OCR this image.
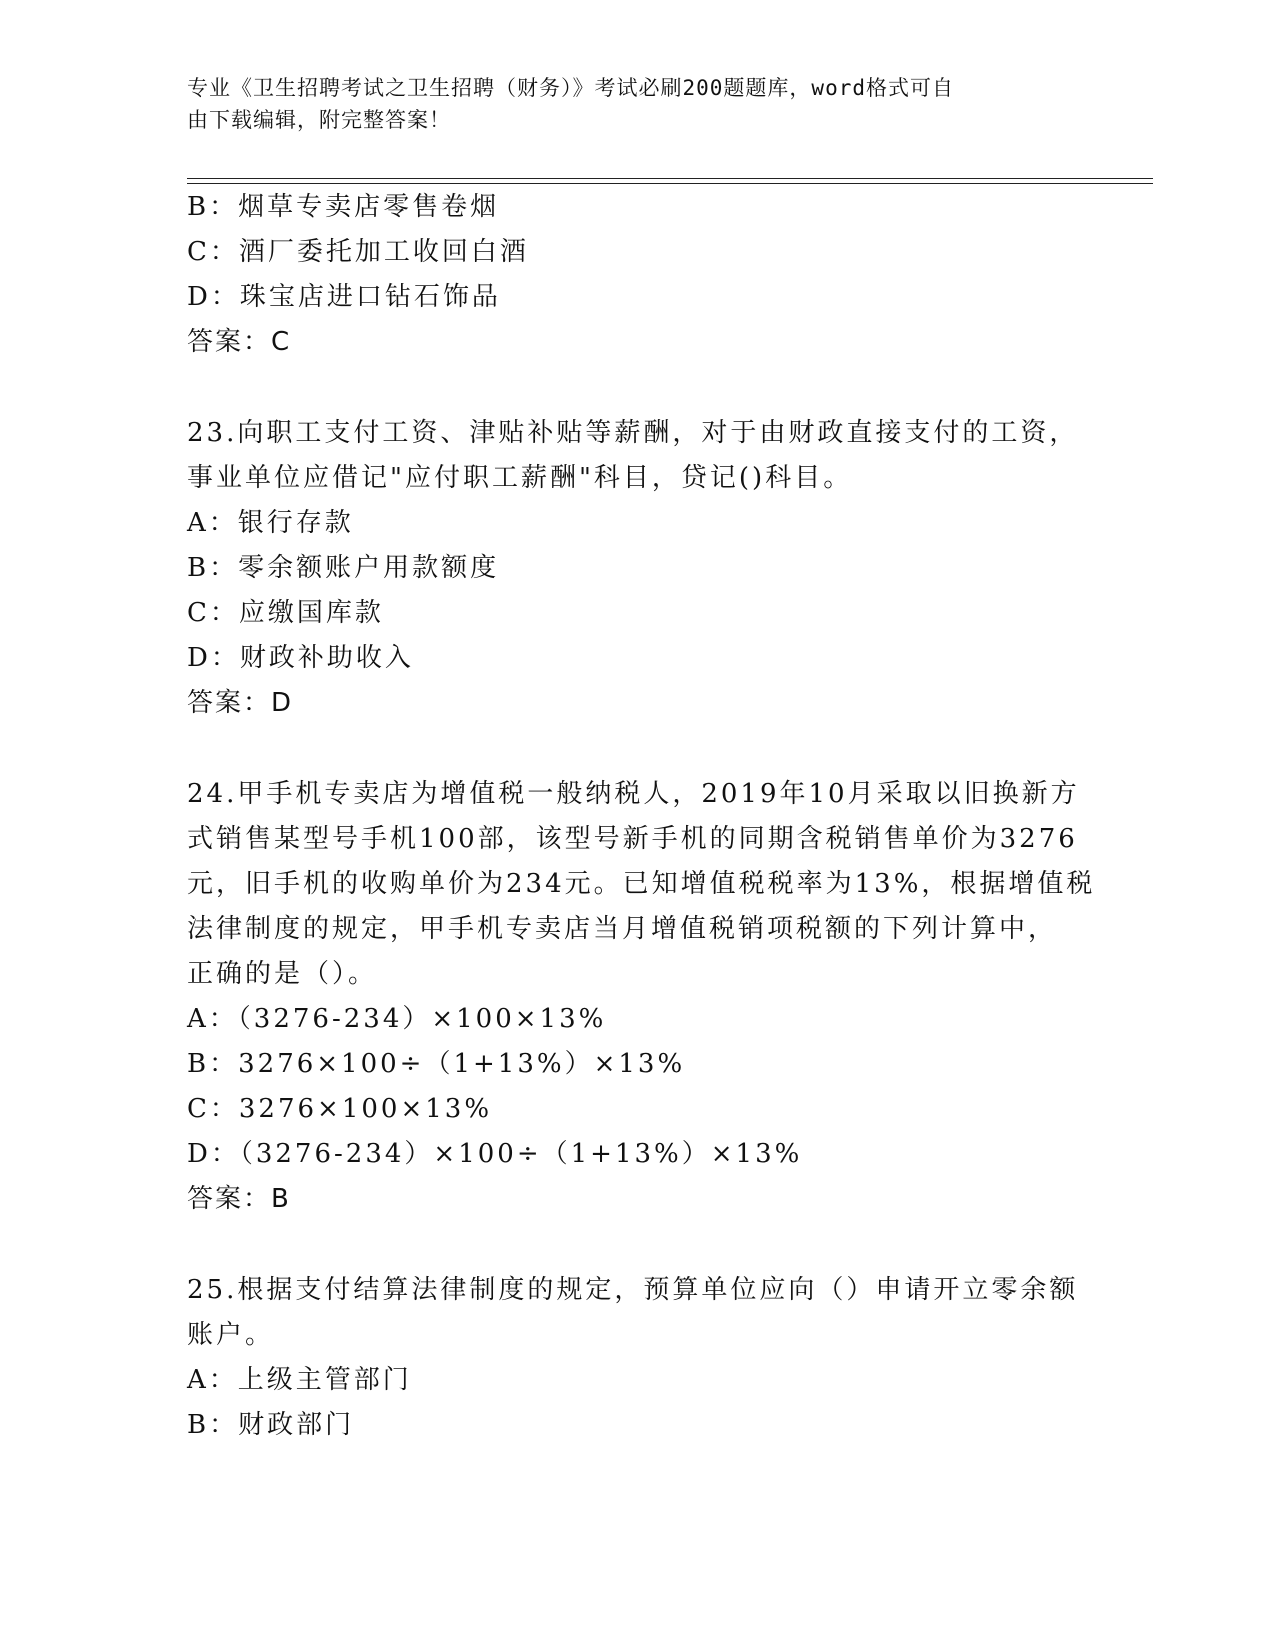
专业《卫生招聘考试之卫生招聘（财务）》考试必刷200题题库，word格式可自
由下载编辑，附完整答案！
B：烟草专卖店零售卷烟
C：酒厂委托加工收回白酒
D：珠宝店进口钻石饰品
答案：C
23.向职工支付工资、津贴补贴等薪酬，对于由财政直接支付的工资，
事业单位应借记"应付职工薪酬"科目，贷记()科目。
A：银行存款
B：零余额账户用款额度
C：应缴国库款
D：财政补助收入
答案：D
24.甲手机专卖店为增值税一般纳税人，2019年10月采取以旧换新方
式销售某型号手机100部，该型号新手机的同期含税销售单价为3276
元，旧手机的收购单价为234元。已知增值税税率为13%，根据增值税
法律制度的规定，甲手机专卖店当月增值税销项税额的下列计算中，
正确的是（）。
A：（3276-234）×100×13%
B：3276×100÷（1+13%）×13%
C：3276×100×13%
D：（3276-234）×100÷（1+13%）×13%
答案：B
25.根据支付结算法律制度的规定，预算单位应向（）申请开立零余额
账户。
A：上级主管部门
B：财政部门
